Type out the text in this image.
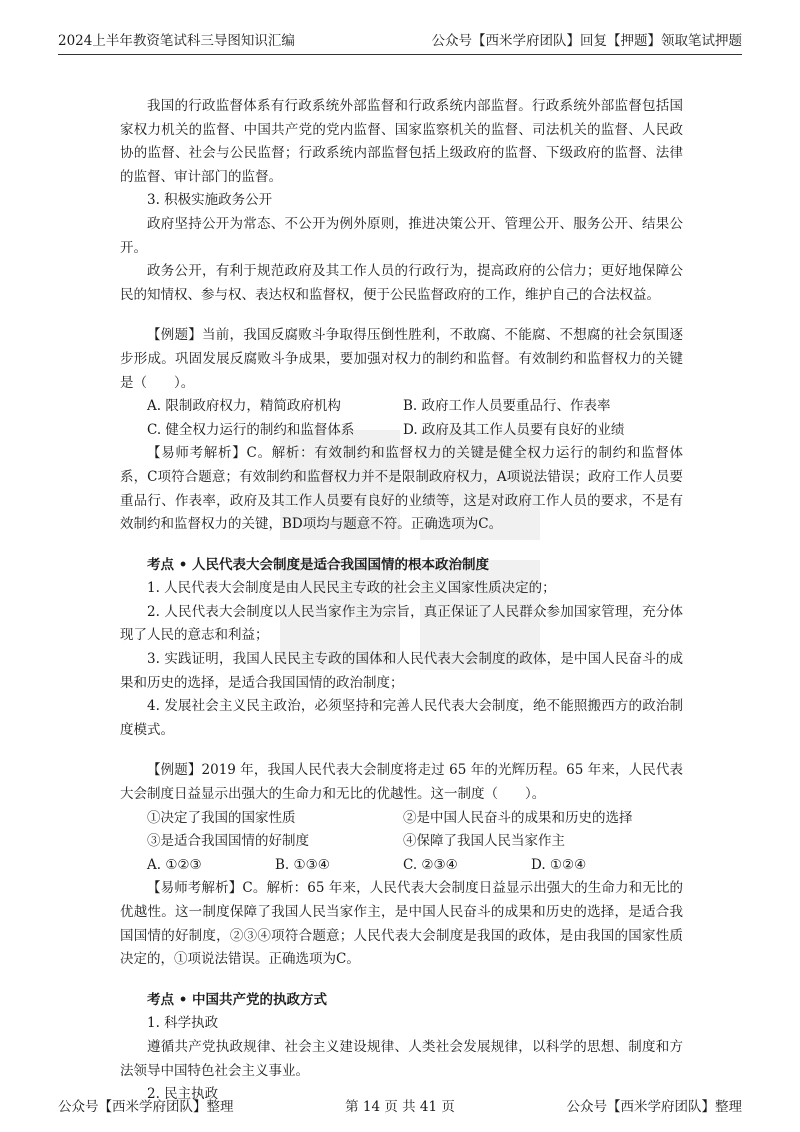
2024上半年教资笔试科三导图知识汇编	公众号【西米学府团队】回复【押题】领取笔试押题

我国的行政监督体系有行政系统外部监督和行政系统内部监督。行政系统外部监督包括国家权力机关的监督、中国共产党的党内监督、国家监察机关的监督、司法机关的监督、人民政协的监督、社会与公民监督；行政系统内部监督包括上级政府的监督、下级政府的监督、法律的监督、审计部门的监督。

3. 积极实施政务公开

政府坚持公开为常态、不公开为例外原则，推进决策公开、管理公开、服务公开、结果公开。

政务公开，有利于规范政府及其工作人员的行政行为，提高政府的公信力；更好地保障公民的知情权、参与权、表达权和监督权，便于公民监督政府的工作，维护自己的合法权益。

【例题】当前，我国反腐败斗争取得压倒性胜利，不敢腐、不能腐、不想腐的社会氛围逐步形成。巩固发展反腐败斗争成果，要加强对权力的制约和监督。有效制约和监督权力的关键是（　　）。

A. 限制政府权力，精简政府机构	B. 政府工作人员要重品行、作表率
C. 健全权力运行的制约和监督体系	D. 政府及其工作人员要有良好的业绩

【易师考解析】C。解析：有效制约和监督权力的关键是健全权力运行的制约和监督体系，C项符合题意；有效制约和监督权力并不是限制政府权力，A项说法错误；政府工作人员要重品行、作表率，政府及其工作人员要有良好的业绩等，这是对政府工作人员的要求，不是有效制约和监督权力的关键，BD项均与题意不符。正确选项为C。

考点 • 人民代表大会制度是适合我国国情的根本政治制度

1. 人民代表大会制度是由人民民主专政的社会主义国家性质决定的；

2. 人民代表大会制度以人民当家作主为宗旨，真正保证了人民群众参加国家管理，充分体现了人民的意志和利益；

3. 实践证明，我国人民民主专政的国体和人民代表大会制度的政体，是中国人民奋斗的成果和历史的选择，是适合我国国情的政治制度；

4. 发展社会主义民主政治，必须坚持和完善人民代表大会制度，绝不能照搬西方的政治制度模式。

【例题】2019 年，我国人民代表大会制度将走过 65 年的光辉历程。65 年来，人民代表大会制度日益显示出强大的生命力和无比的优越性。这一制度（　　）。

①决定了我国的国家性质	②是中国人民奋斗的成果和历史的选择
③是适合我国国情的好制度	④保障了我国人民当家作主
A. ①②③	B. ①③④	C. ②③④	D. ①②④

【易师考解析】C。解析：65 年来，人民代表大会制度日益显示出强大的生命力和无比的优越性。这一制度保障了我国人民当家作主，是中国人民奋斗的成果和历史的选择，是适合我国国情的好制度，②③④项符合题意；人民代表大会制度是我国的政体，是由我国的国家性质决定的，①项说法错误。正确选项为C。

考点 • 中国共产党的执政方式

1. 科学执政

遵循共产党执政规律、社会主义建设规律、人类社会发展规律，以科学的思想、制度和方法领导中国特色社会主义事业。

2. 民主执政

公众号【西米学府团队】整理	第 14 页 共 41 页	公众号【西米学府团队】整理
